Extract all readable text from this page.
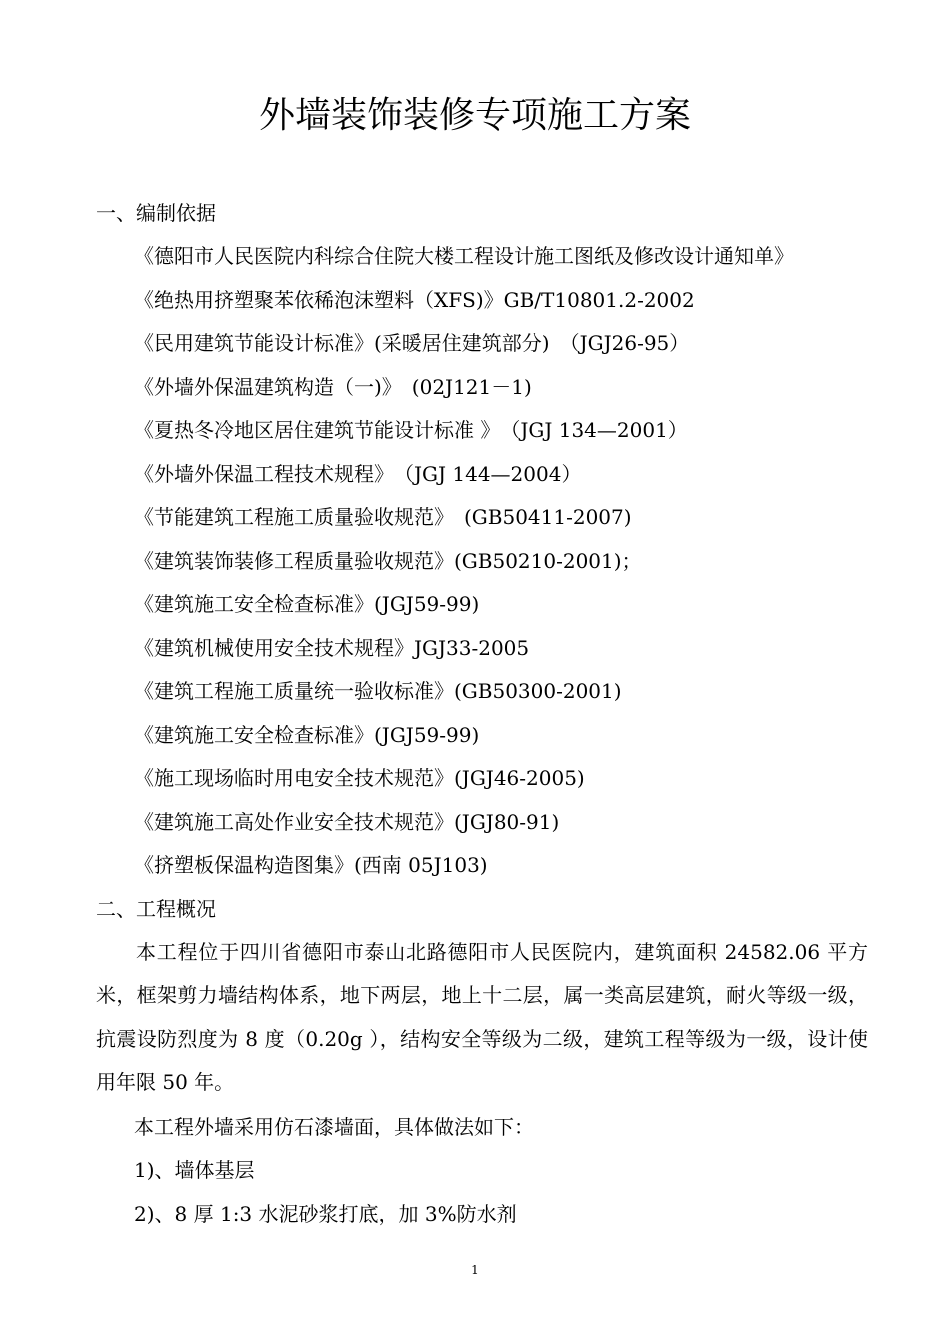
外墙装饰装修专项施工方案

一、编制依据

《德阳市人民医院内科综合住院大楼工程设计施工图纸及修改设计通知单》

《绝热用挤塑聚苯依稀泡沫塑料（XFS)》GB/T10801.2-2002

《民用建筑节能设计标准》(采暖居住建筑部分)　（JGJ26-95）

《外墙外保温建筑构造（一)》　(02J121－1)

《夏热冬冷地区居住建筑节能设计标准 》　（JGJ 134—2001）

《外墙外保温工程技术规程》　（JGJ 144—2004）

《节能建筑工程施工质量验收规范》　(GB50411-2007)

《建筑装饰装修工程质量验收规范》(GB50210-2001)；

《建筑施工安全检查标准》(JGJ59-99)

《建筑机械使用安全技术规程》JGJ33-2005

《建筑工程施工质量统一验收标准》(GB50300-2001)

《建筑施工安全检查标准》(JGJ59-99)

《施工现场临时用电安全技术规范》(JGJ46-2005)

《建筑施工高处作业安全技术规范》(JGJ80-91)

《挤塑板保温构造图集》(西南 05J103)

二、工程概况

本工程位于四川省德阳市泰山北路德阳市人民医院内，建筑面积 24582.06 平方米，框架剪力墙结构体系，地下两层，地上十二层，属一类高层建筑，耐火等级一级，抗震设防烈度为 8 度（0.20g ），结构安全等级为二级，建筑工程等级为一级，设计使用年限 50 年。

本工程外墙采用仿石漆墙面，具体做法如下：

1)、墙体基层

2)、8 厚 1:3 水泥砂浆打底，加 3%防水剂

1
